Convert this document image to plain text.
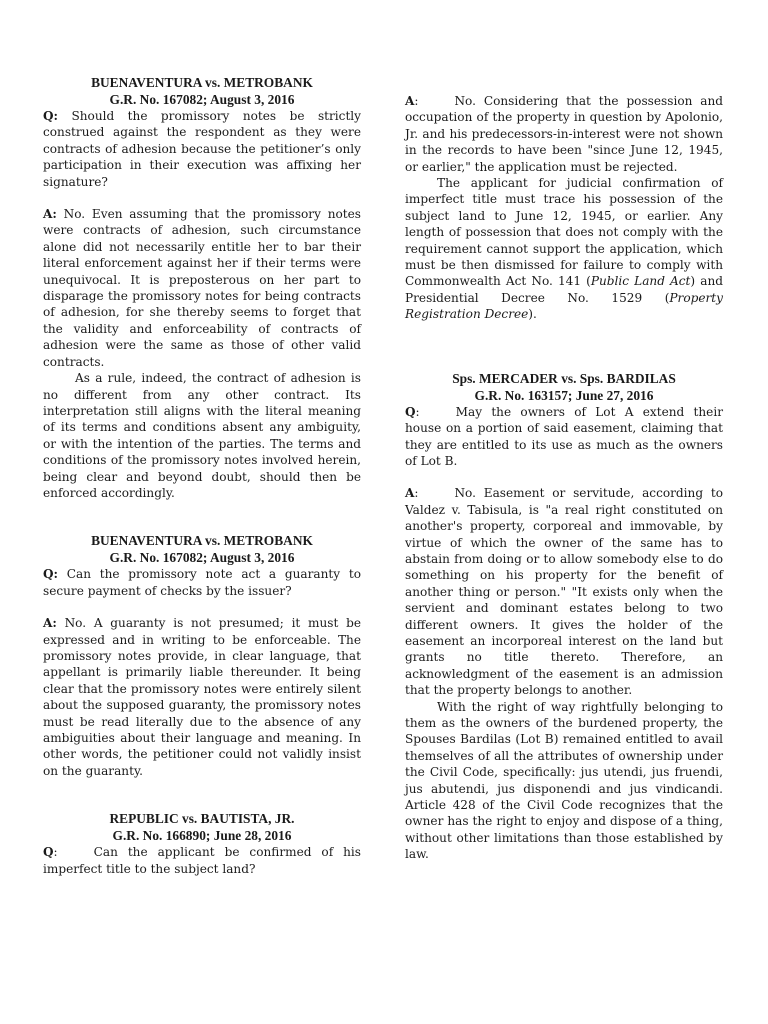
BUENAVENTURA vs. METROBANK
G.R. No. 167082; August 3, 2016

Q: Should the promissory notes be strictly construed against the respondent as they were contracts of adhesion because the petitioner’s only participation in their execution was affixing her signature?

A: No. Even assuming that the promissory notes were contracts of adhesion, such circumstance alone did not necessarily entitle her to bar their literal enforcement against her if their terms were unequivocal. It is preposterous on her part to disparage the promissory notes for being contracts of adhesion, for she thereby seems to forget that the validity and enforceability of contracts of adhesion were the same as those of other valid contracts.

As a rule, indeed, the contract of adhesion is no different from any other contract. Its interpretation still aligns with the literal meaning of its terms and conditions absent any ambiguity, or with the intention of the parties. The terms and conditions of the promissory notes involved herein, being clear and beyond doubt, should then be enforced accordingly.

BUENAVENTURA vs. METROBANK
G.R. No. 167082; August 3, 2016

Q: Can the promissory note act a guaranty to secure payment of checks by the issuer?

A: No. A guaranty is not presumed; it must be expressed and in writing to be enforceable. The promissory notes provide, in clear language, that appellant is primarily liable thereunder. It being clear that the promissory notes were entirely silent about the supposed guaranty, the promissory notes must be read literally due to the absence of any ambiguities about their language and meaning. In other words, the petitioner could not validly insist on the guaranty.

REPUBLIC vs. BAUTISTA, JR.
G.R. No. 166890; June 28, 2016

Q:	Can the applicant be confirmed of his imperfect title to the subject land?

A:	No. Considering that the possession and occupation of the property in question by Apolonio, Jr. and his predecessors-in-interest were not shown in the records to have been "since June 12, 1945, or earlier," the application must be rejected.

The applicant for judicial confirmation of imperfect title must trace his possession of the subject land to June 12, 1945, or earlier. Any length of possession that does not comply with the requirement cannot support the application, which must be then dismissed for failure to comply with Commonwealth Act No. 141 (Public Land Act) and Presidential Decree No. 1529 (Property Registration Decree).

Sps. MERCADER vs. Sps. BARDILAS
G.R. No. 163157; June 27, 2016

Q:	May the owners of Lot A extend their house on a portion of said easement, claiming that they are entitled to its use as much as the owners of Lot B.

A:	No. Easement or servitude, according to Valdez v. Tabisula, is "a real right constituted on another's property, corporeal and immovable, by virtue of which the owner of the same has to abstain from doing or to allow somebody else to do something on his property for the benefit of another thing or person." "It exists only when the servient and dominant estates belong to two different owners. It gives the holder of the easement an incorporeal interest on the land but grants no title thereto. Therefore, an acknowledgment of the easement is an admission that the property belongs to another.

With the right of way rightfully belonging to them as the owners of the burdened property, the Spouses Bardilas (Lot B) remained entitled to avail themselves of all the attributes of ownership under the Civil Code, specifically: jus utendi, jus fruendi, jus abutendi, jus disponendi and jus vindicandi. Article 428 of the Civil Code recognizes that the owner has the right to enjoy and dispose of a thing, without other limitations than those established by law.
